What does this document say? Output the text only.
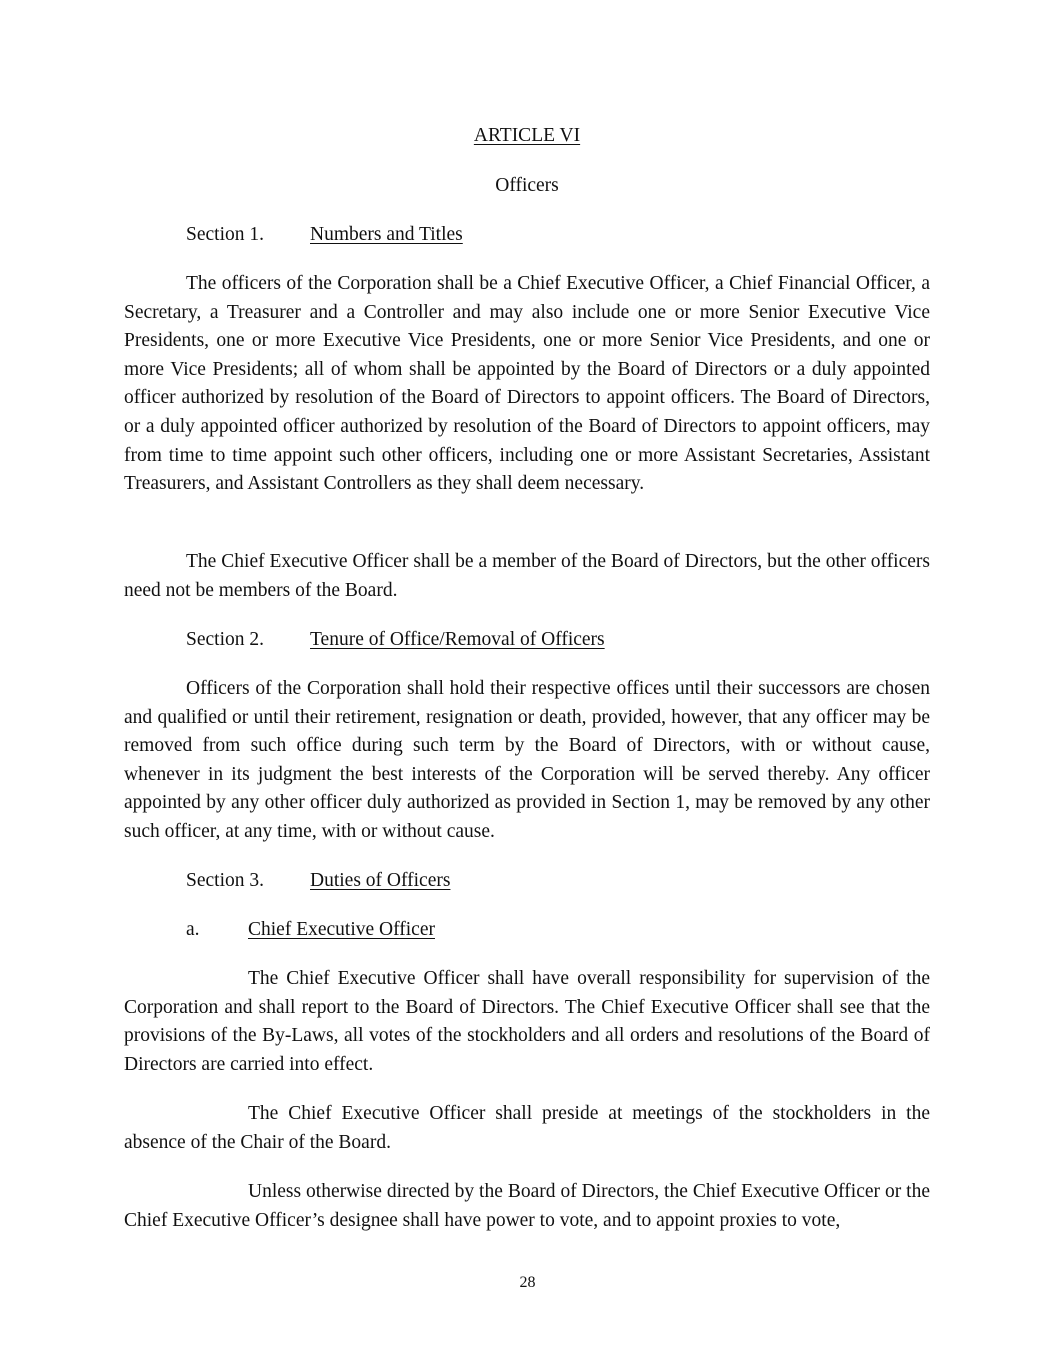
ARTICLE VI

Officers

Section 1. Numbers and Titles

The officers of the Corporation shall be a Chief Executive Officer, a Chief Financial Officer, a Secretary, a Treasurer and a Controller and may also include one or more Senior Executive Vice Presidents, one or more Executive Vice Presidents, one or more Senior Vice Presidents, and one or more Vice Presidents; all of whom shall be appointed by the Board of Directors or a duly appointed officer authorized by resolution of the Board of Directors to appoint officers. The Board of Directors, or a duly appointed officer authorized by resolution of the Board of Directors to appoint officers, may from time to time appoint such other officers, including one or more Assistant Secretaries, Assistant Treasurers, and Assistant Controllers as they shall deem necessary.

The Chief Executive Officer shall be a member of the Board of Directors, but the other officers need not be members of the Board.

Section 2. Tenure of Office/Removal of Officers

Officers of the Corporation shall hold their respective offices until their successors are chosen and qualified or until their retirement, resignation or death, provided, however, that any officer may be removed from such office during such term by the Board of Directors, with or without cause, whenever in its judgment the best interests of the Corporation will be served thereby. Any officer appointed by any other officer duly authorized as provided in Section 1, may be removed by any other such officer, at any time, with or without cause.

Section 3. Duties of Officers
a. Chief Executive Officer

The Chief Executive Officer shall have overall responsibility for supervision of the Corporation and shall report to the Board of Directors. The Chief Executive Officer shall see that the provisions of the By-Laws, all votes of the stockholders and all orders and resolutions of the Board of Directors are carried into effect.

The Chief Executive Officer shall preside at meetings of the stockholders in the absence of the Chair of the Board.

Unless otherwise directed by the Board of Directors, the Chief Executive Officer or the Chief Executive Officer’s designee shall have power to vote, and to appoint proxies to vote,

28
